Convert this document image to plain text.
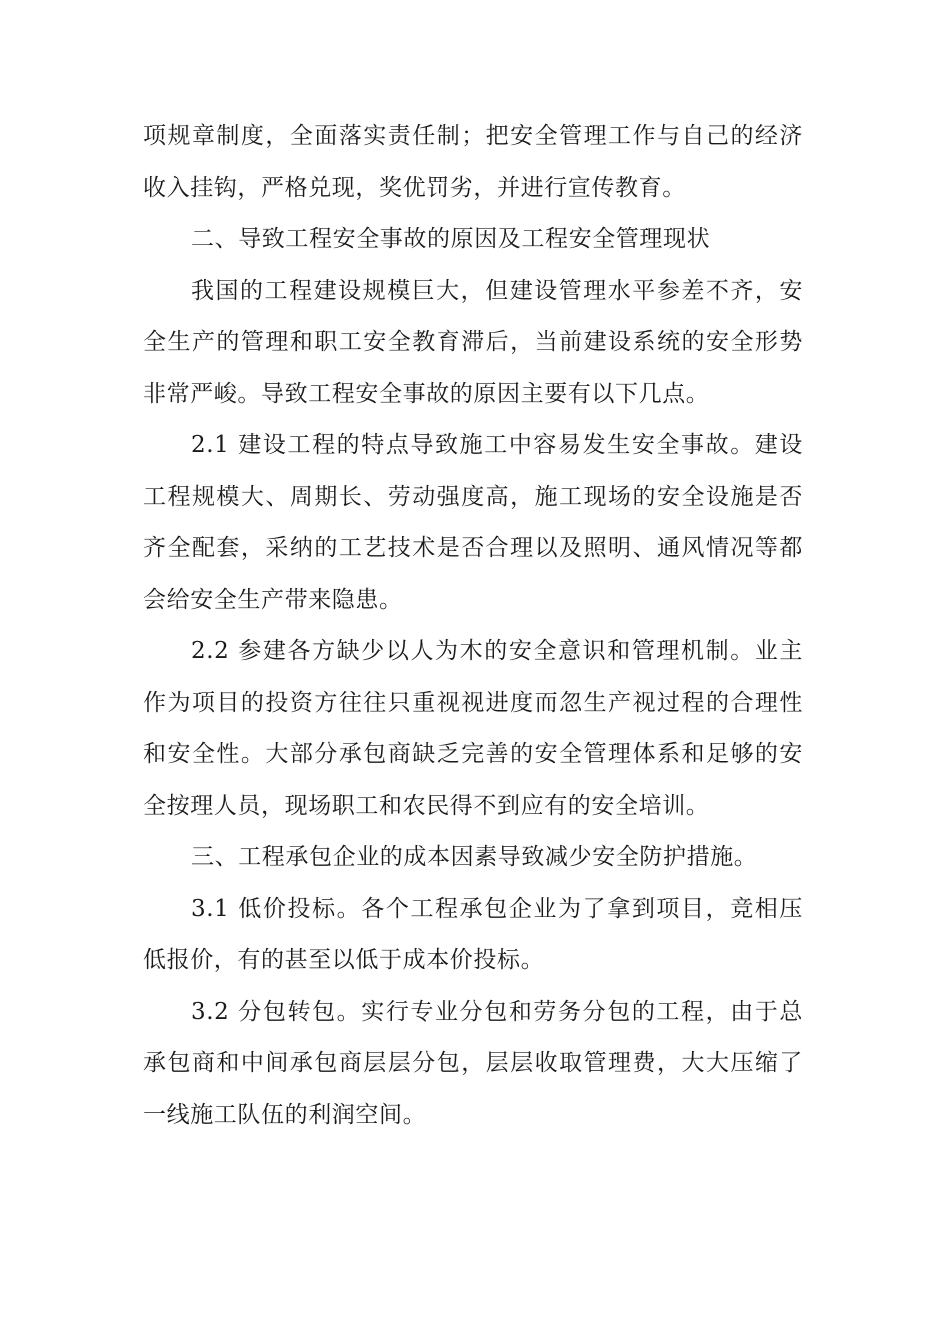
项规章制度，全面落实责任制；把安全管理工作与自己的经济收入挂钩，严格兑现，奖优罚劣，并进行宣传教育。

二、导致工程安全事故的原因及工程安全管理现状

我国的工程建设规模巨大，但建设管理水平参差不齐，安全生产的管理和职工安全教育滞后，当前建设系统的安全形势非常严峻。导致工程安全事故的原因主要有以下几点。

2.1 建设工程的特点导致施工中容易发生安全事故。建设工程规模大、周期长、劳动强度高，施工现场的安全设施是否齐全配套，采纳的工艺技术是否合理以及照明、通风情况等都会给安全生产带来隐患。

2.2 参建各方缺少以人为木的安全意识和管理机制。业主作为项目的投资方往往只重视视进度而忽生产视过程的合理性和安全性。大部分承包商缺乏完善的安全管理体系和足够的安全按理人员，现场职工和农民得不到应有的安全培训。

三、工程承包企业的成本因素导致减少安全防护措施。

3.1 低价投标。各个工程承包企业为了拿到项目，竞相压低报价，有的甚至以低于成本价投标。

3.2 分包转包。实行专业分包和劳务分包的工程，由于总承包商和中间承包商层层分包，层层收取管理费，大大压缩了一线施工队伍的利润空间。
